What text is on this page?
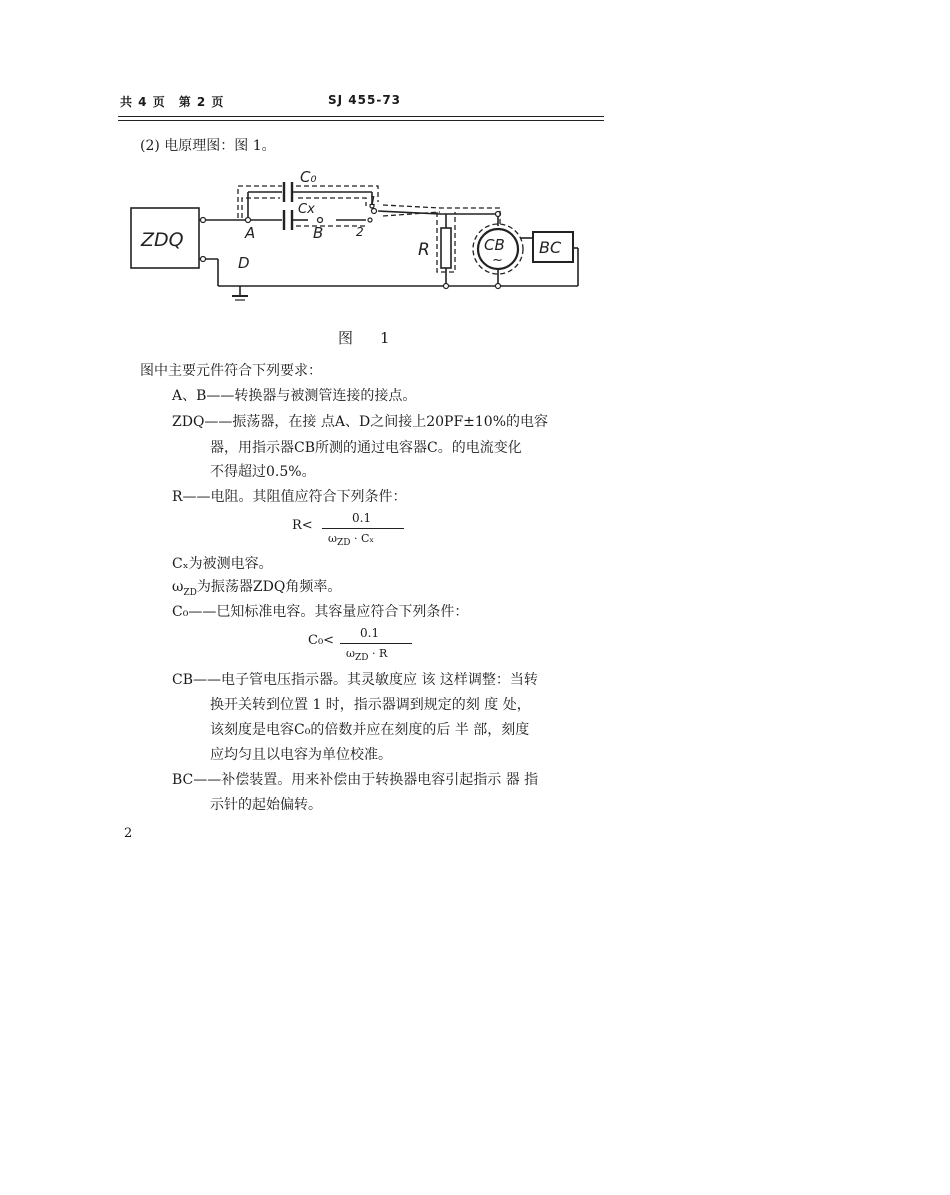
共 4 页　第 2 页	SJ 455-73
(2) 电原理图：图 1。
ZDQ
C₀
Cx
A	B
D
1
2
R	CB
~
BC
图　1
图中主要元件符合下列要求：
A、B——转换器与被测管连接的接点。
ZDQ——振荡器，在接 点A、D之间接上20PF±10%的电容
器，用指示器CB所测的通过电容器C。的电流变化
不得超过0.5%。
R——电阻。其阻值应符合下列条件：
R<	0.1
$\omega_{ZD} \cdot C_x$
Cₓ为被测电容。
$\omega_{ZD}$为振荡器ZDQ角频率。
C₀——巳知标准电容。其容量应符合下列条件：
C₀< 0.1
$\omega_{ZD} \cdot R$
CB——电子管电压指示器。其灵敏度应 该 这样调整：当转
换开关转到位置 1 时，指示器调到规定的刻 度 处，
该刻度是电容C₀的倍数并应在刻度的后 半 部，刻度
应均匀且以电容为单位校准。
BC——补偿装置。用来补偿由于转换器电容引起指示 器 指
示针的起始偏转。
2
